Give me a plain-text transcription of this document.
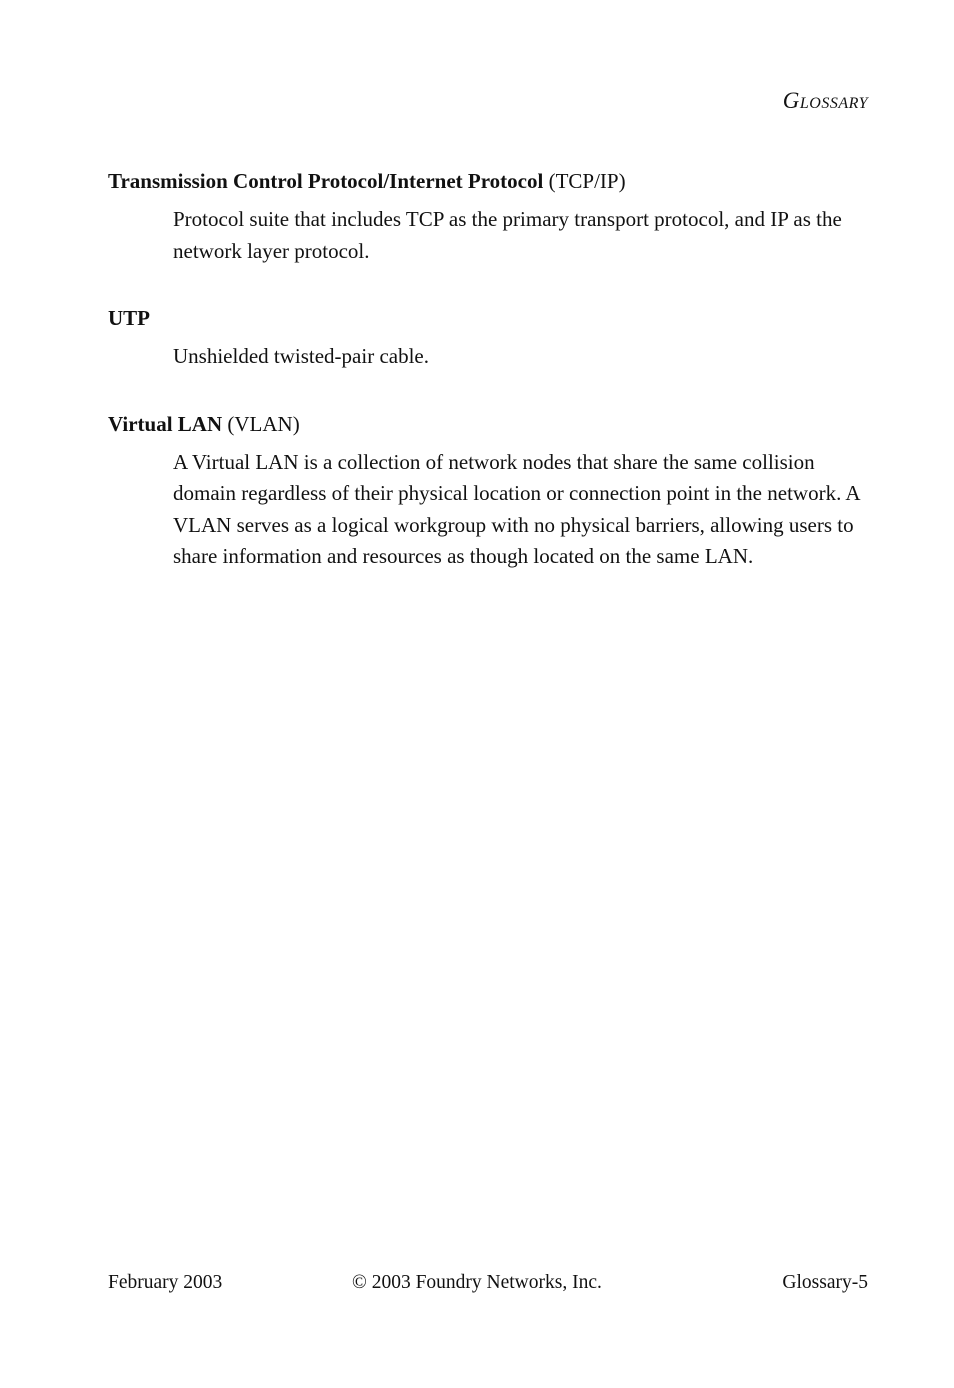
Glossary

Transmission Control Protocol/Internet Protocol (TCP/IP)

Protocol suite that includes TCP as the primary transport protocol, and IP as the network layer protocol.

UTP

Unshielded twisted-pair cable.

Virtual LAN (VLAN)

A Virtual LAN is a collection of network nodes that share the same collision domain regardless of their physical location or connection point in the network. A VLAN serves as a logical workgroup with no physical barriers, allowing users to share information and resources as though located on the same LAN.

February 2003	© 2003 Foundry Networks, Inc.	Glossary-5
